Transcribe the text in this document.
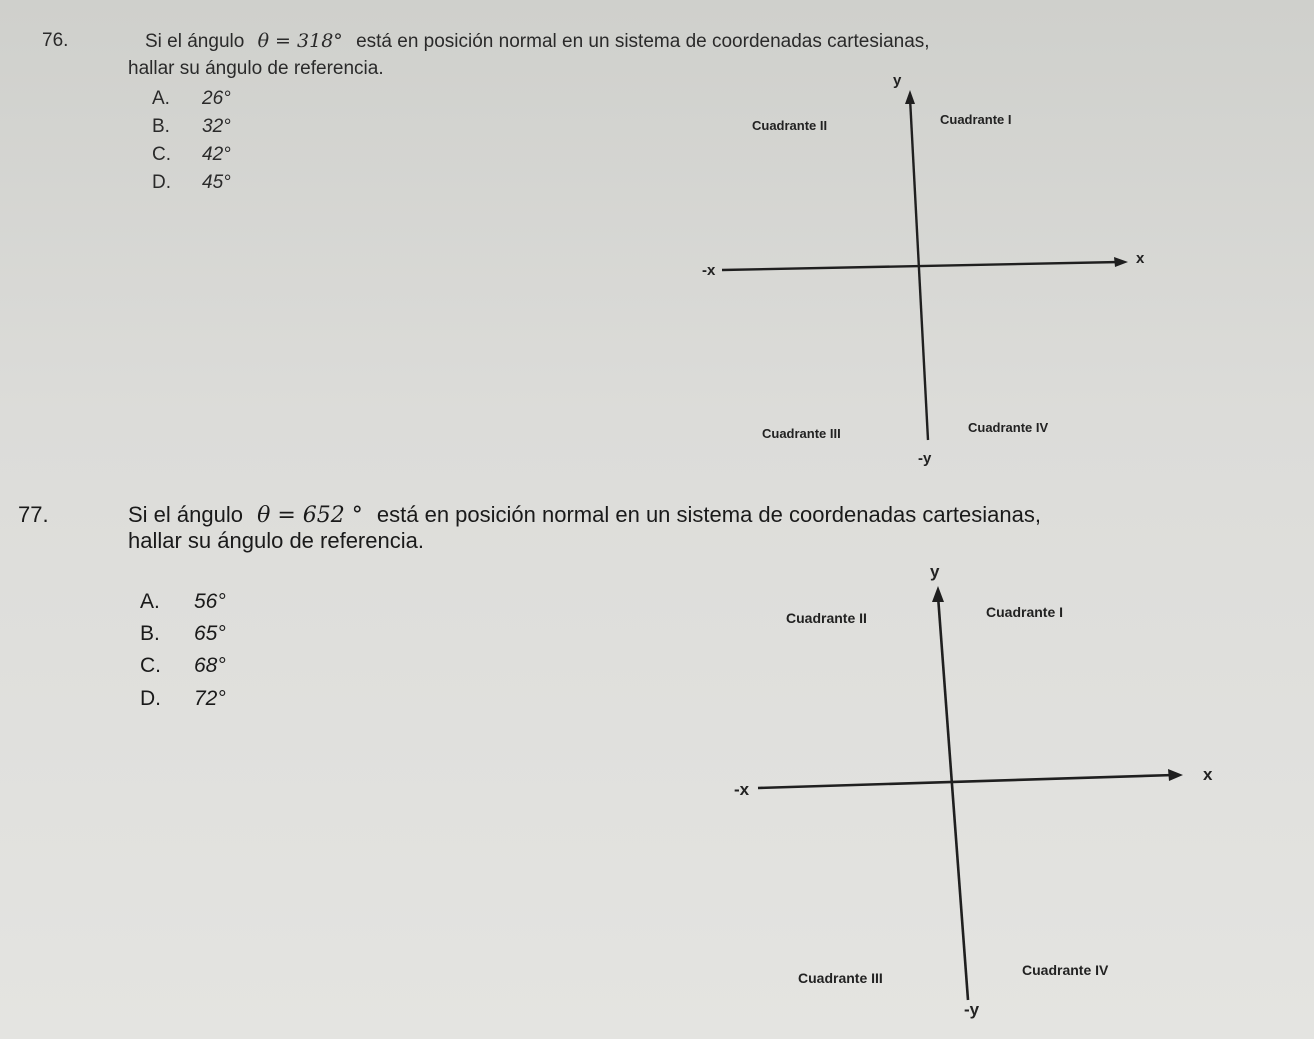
76.	Si el ángulo θ = 318° está en posición normal en un sistema de coordenadas cartesianas,
hallar su ángulo de referencia.
A. 26°
B. 32°
C. 42°
D. 45°
y
-y
x
-x
Cuadrante II	Cuadrante I
Cuadrante III	Cuadrante IV
77.	Si el ángulo θ = 652 ° está en posición normal en un sistema de coordenadas cartesianas,
hallar su ángulo de referencia.
A. 56°
B. 65°
C. 68°
D. 72°
y
-y
x
-x
Cuadrante II	Cuadrante I
Cuadrante III	Cuadrante IV
